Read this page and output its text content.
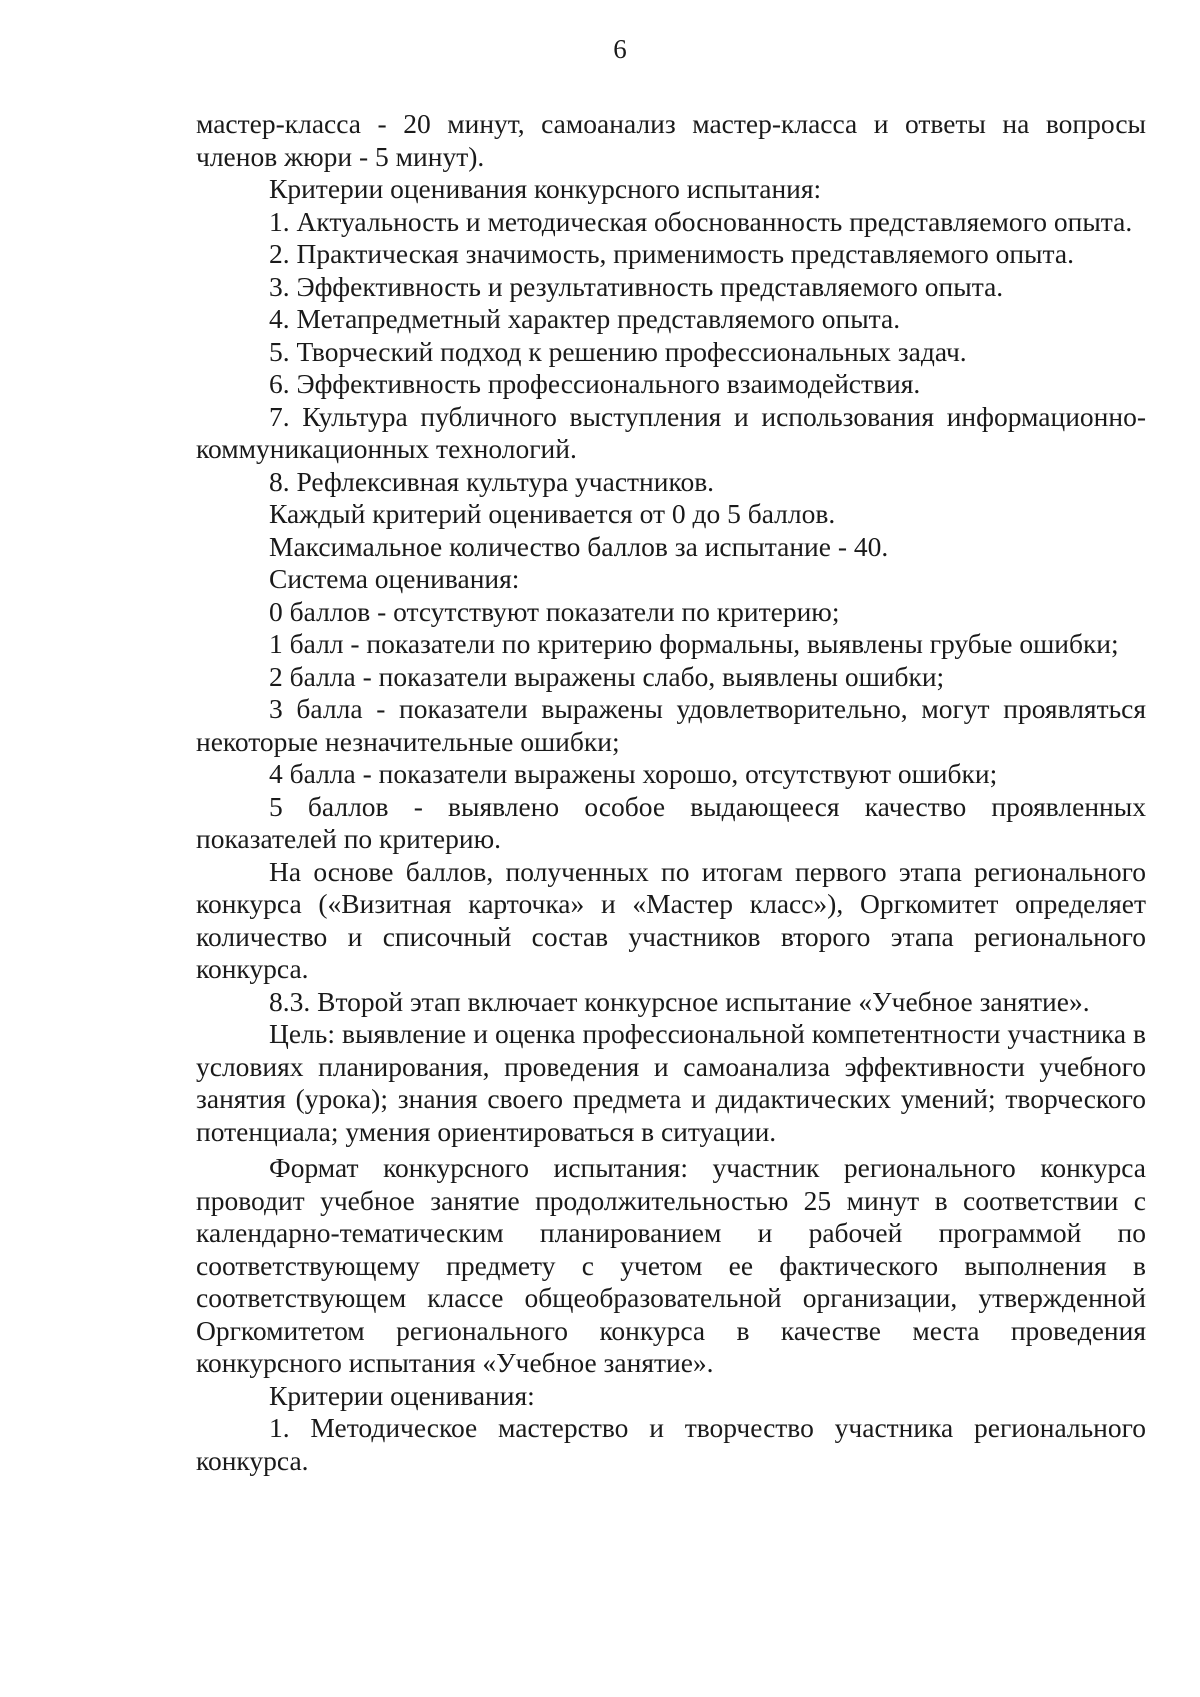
6

мастер-класса - 20 минут, самоанализ мастер-класса и ответы на вопросы членов жюри - 5 минут).

Критерии оценивания конкурсного испытания:

1. Актуальность и методическая обоснованность представляемого опыта.

2. Практическая значимость, применимость представляемого опыта.

3. Эффективность и результативность представляемого опыта.

4. Метапредметный характер представляемого опыта.

5. Творческий подход к решению профессиональных задач.

6. Эффективность профессионального взаимодействия.

7. Культура публичного выступления и использования информационно-коммуникационных технологий.

8. Рефлексивная культура участников.

Каждый критерий оценивается от 0 до 5 баллов.

Максимальное количество баллов за испытание - 40.

Система оценивания:

0 баллов - отсутствуют показатели по критерию;

1 балл - показатели по критерию формальны, выявлены грубые ошибки;

2 балла - показатели выражены слабо, выявлены ошибки;

3 балла - показатели выражены удовлетворительно, могут проявляться некоторые незначительные ошибки;

4 балла - показатели выражены хорошо, отсутствуют ошибки;

5 баллов - выявлено особое выдающееся качество проявленных показателей по критерию.

На основе баллов, полученных по итогам первого этапа регионального конкурса («Визитная карточка» и «Мастер класс»), Оргкомитет определяет количество и списочный состав участников второго этапа регионального конкурса.

8.3. Второй этап включает конкурсное испытание «Учебное занятие».

Цель: выявление и оценка профессиональной компетентности участника в условиях планирования, проведения и самоанализа эффективности учебного занятия (урока); знания своего предмета и дидактических умений; творческого потенциала; умения ориентироваться в ситуации.

Формат конкурсного испытания: участник регионального конкурса проводит учебное занятие продолжительностью 25 минут в соответствии с календарно-тематическим планированием и рабочей программой по соответствующему предмету с учетом ее фактического выполнения в соответствующем классе общеобразовательной организации, утвержденной Оргкомитетом регионального конкурса в качестве места проведения конкурсного испытания «Учебное занятие».

Критерии оценивания:

1. Методическое мастерство и творчество участника регионального конкурса.
